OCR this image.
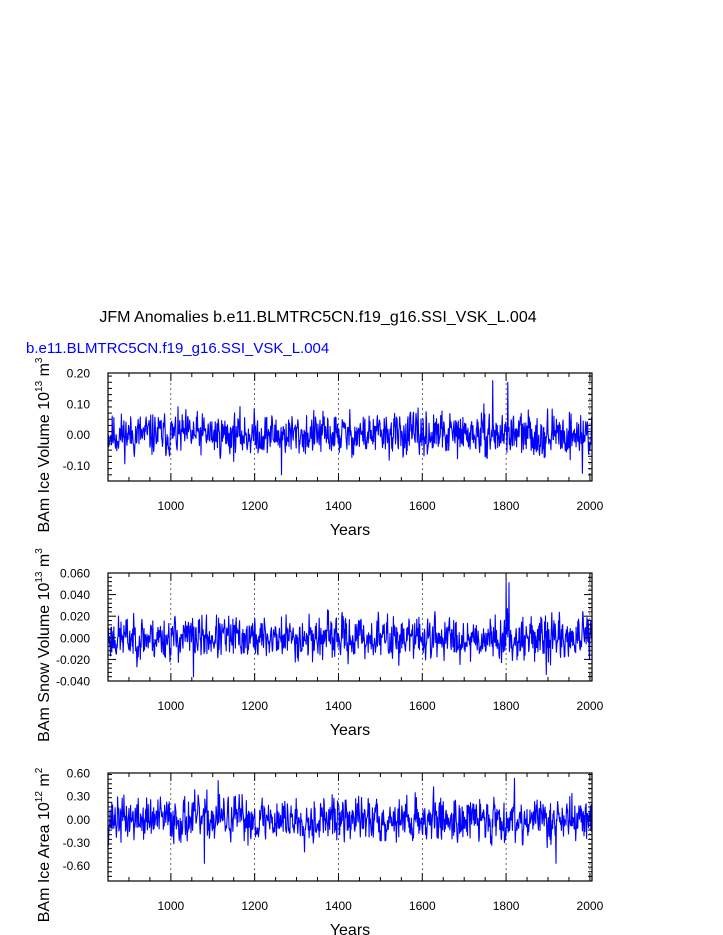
JFM Anomalies b.e11.BLMTRC5CN.f19_g16.SSI_VSK_L.004
b.e11.BLMTRC5CN.f19_g16.SSI_VSK_L.004
1000	1200	1400	1600	1800	2000
-0.10
0.00
0.10
0.20
Years
BAm Ice Volume 1013 m3
1000	1200	1400	1600	1800	2000
-0.040
-0.020
0.000
0.020
0.040
0.060
Years
BAm Snow Volume 1013 m3
1000	1200	1400	1600	1800	2000
-0.60
-0.30
0.00
0.30
0.60
Years
BAm Ice Area 1012 m2
